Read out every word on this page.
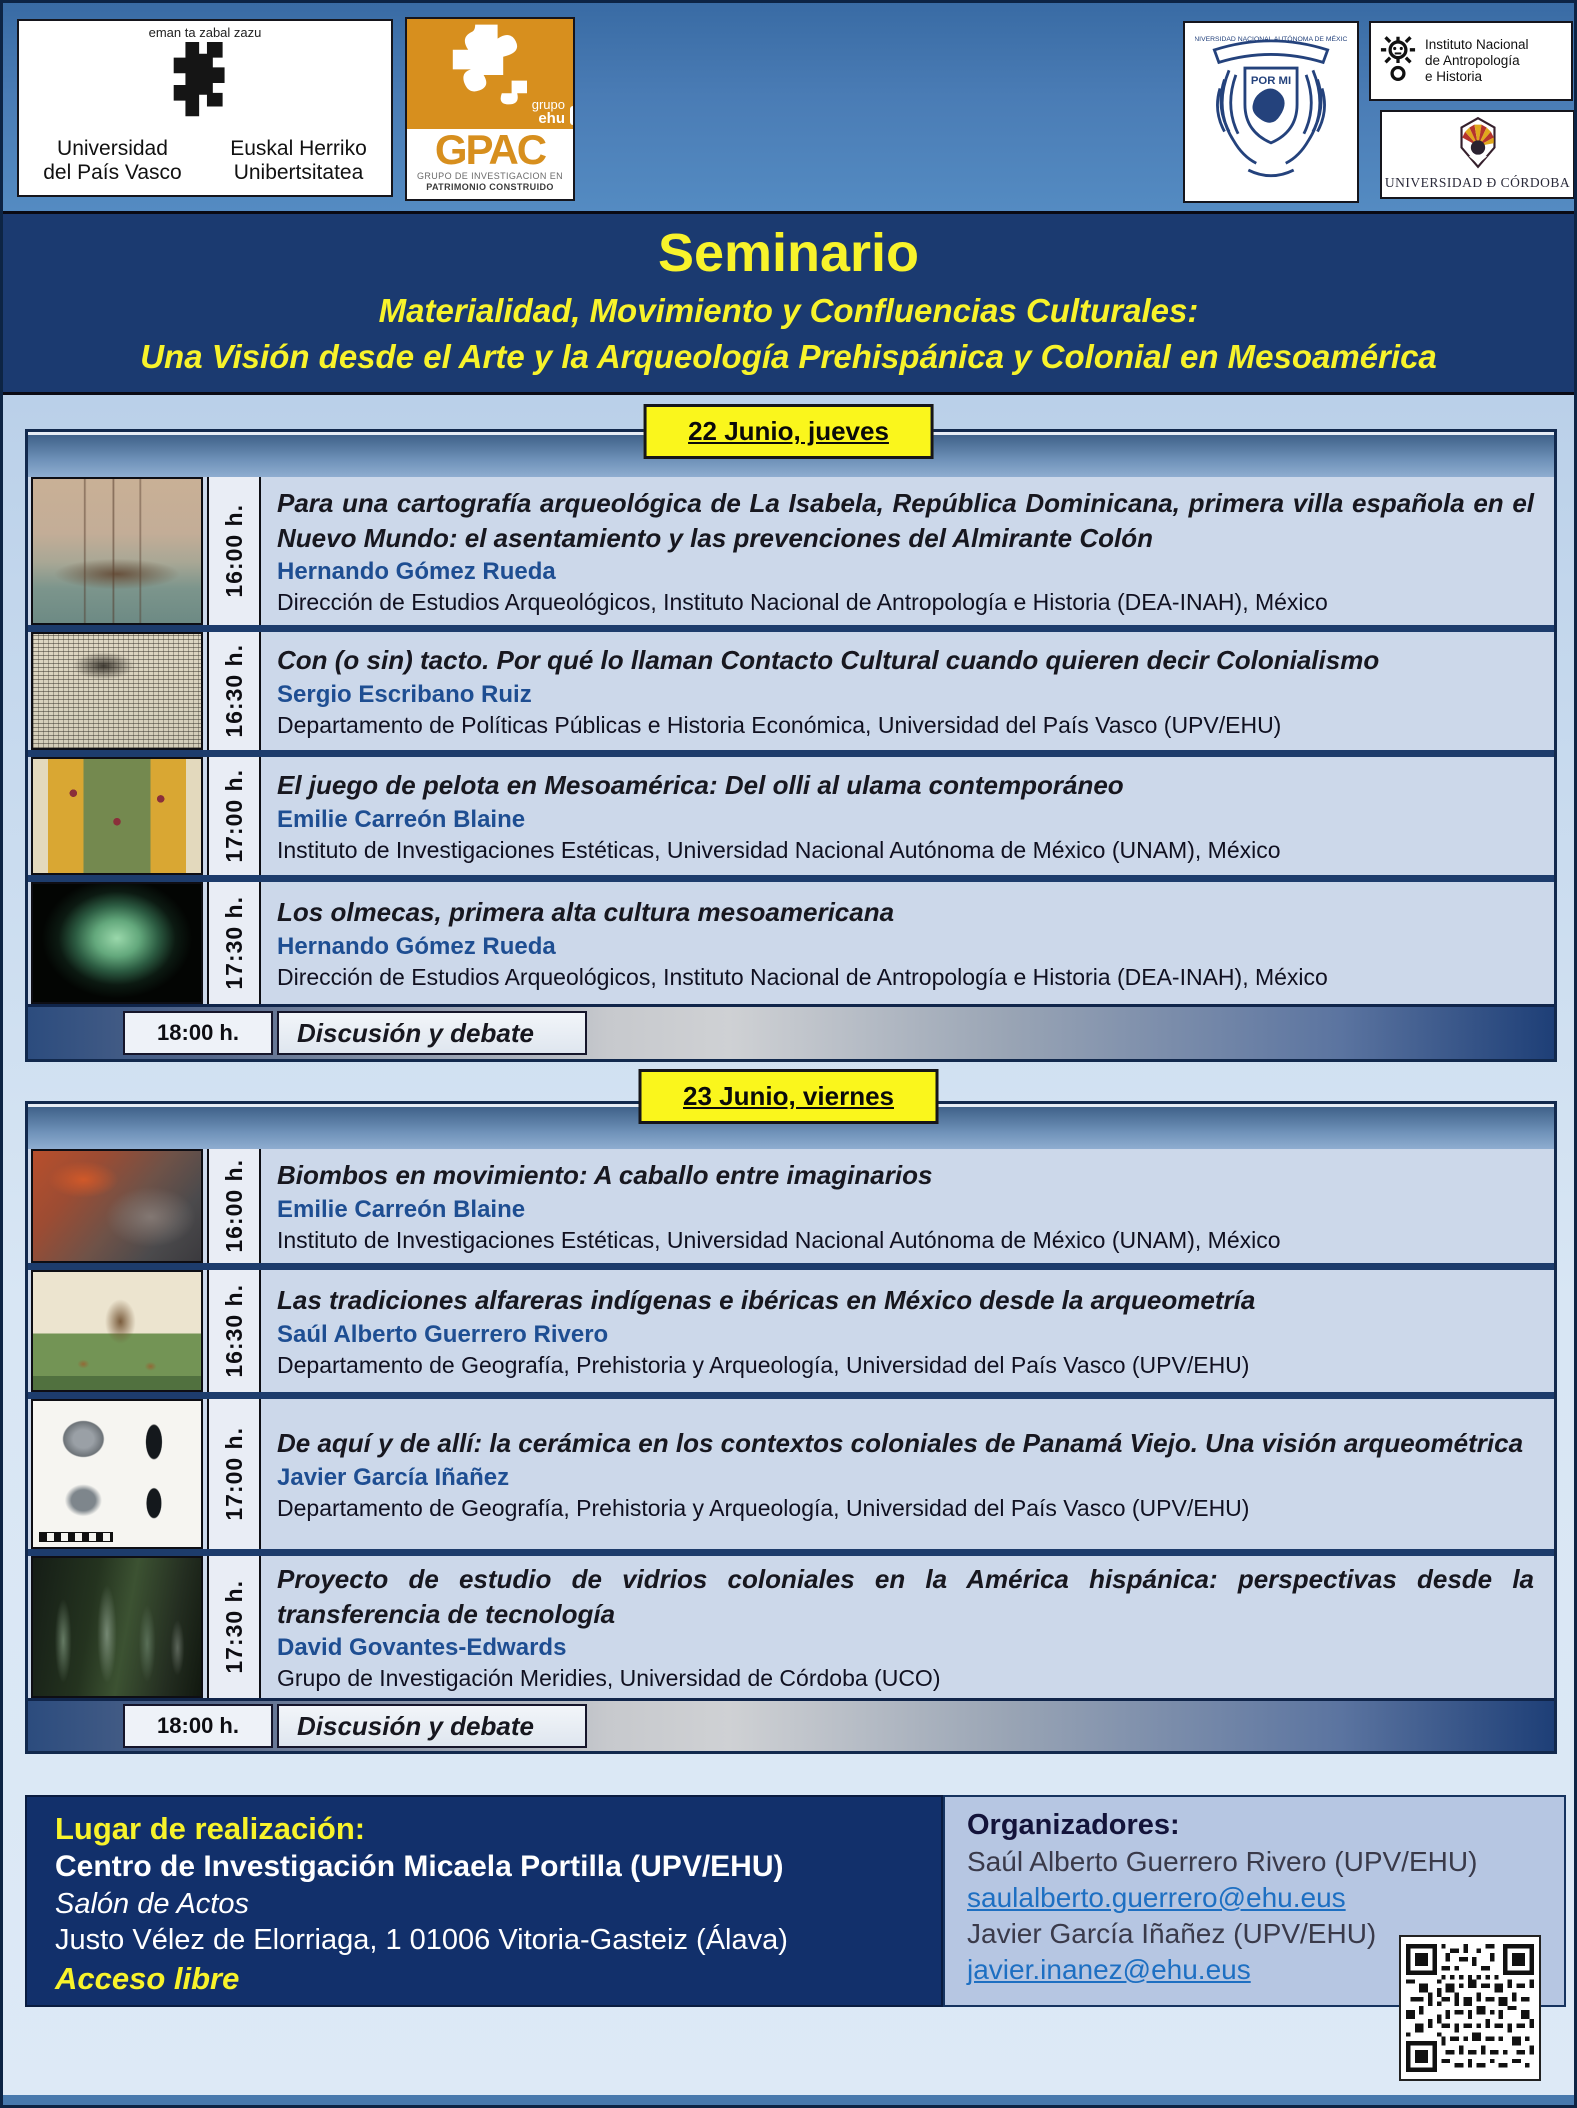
eman ta zabal zazu
Universidad
del País Vasco
Euskal Herriko
Unibertsitatea
grupo
ehu
GPAC
GRUPO DE INVESTIGACION EN
PATRIMONIO CONSTRUIDO
UNIVERSIDAD NACIONAL AUTÓNOMA DE MÉXICO
POR MI
Instituto Nacional
de Antropología
e Historia
UNIVERSIDAD Ð CÓRDOBA
Seminario
Materialidad, Movimiento y Confluencias Culturales:
Una Visión desde el Arte y la Arqueología Prehispánica y Colonial en Mesoamérica
22 Junio, jueves
16:00 h.
Para una cartografía arqueológica de La Isabela, República Dominicana, primera villa española en el Nuevo Mundo: el asentamiento y las prevenciones del Almirante Colón
Hernando Gómez Rueda
Dirección de Estudios Arqueológicos, Instituto Nacional de Antropología e Historia (DEA-INAH), México
16:30 h. Con (o sin) tacto. Por qué lo llaman Contacto Cultural cuando quieren decir Colonialismo
Sergio Escribano Ruiz
Departamento de Políticas Públicas e Historia Económica, Universidad del País Vasco (UPV/EHU)
17:00 h. El juego de pelota en Mesoamérica: Del olli al ulama contemporáneo
Emilie Carreón Blaine
Instituto de Investigaciones Estéticas, Universidad Nacional Autónoma de México (UNAM), México
17:30 h. Los olmecas, primera alta cultura mesoamericana
Hernando Gómez Rueda
Dirección de Estudios Arqueológicos, Instituto Nacional de Antropología e Historia (DEA-INAH), México
18:00 h.	Discusión y debate
23 Junio, viernes
16:00 h. Biombos en movimiento: A caballo entre imaginarios
Emilie Carreón Blaine
Instituto de Investigaciones Estéticas, Universidad Nacional Autónoma de México (UNAM), México
16:30 h. Las tradiciones alfareras indígenas e ibéricas en México desde la arqueometría
Saúl Alberto Guerrero Rivero
Departamento de Geografía, Prehistoria y Arqueología, Universidad del País Vasco (UPV/EHU)
17:00 h. De aquí y de allí: la cerámica en los contextos coloniales de Panamá Viejo. Una visión arqueométrica
Javier García Iñañez
Departamento de Geografía, Prehistoria y Arqueología, Universidad del País Vasco (UPV/EHU)
17:30 h.
Proyecto de estudio de vidrios coloniales en la América hispánica: perspectivas desde la transferencia de tecnología
David Govantes-Edwards
Grupo de Investigación Meridies, Universidad de Córdoba (UCO)
18:00 h.	Discusión y debate
Lugar de realización:
Centro de Investigación Micaela Portilla (UPV/EHU)
Salón de Actos
Justo Vélez de Elorriaga, 1 01006 Vitoria-Gasteiz (Álava)
Acceso libre
Organizadores:
Saúl Alberto Guerrero Rivero (UPV/EHU)
saulalberto.guerrero@ehu.eus
Javier García Iñañez (UPV/EHU)
javier.inanez@ehu.eus
